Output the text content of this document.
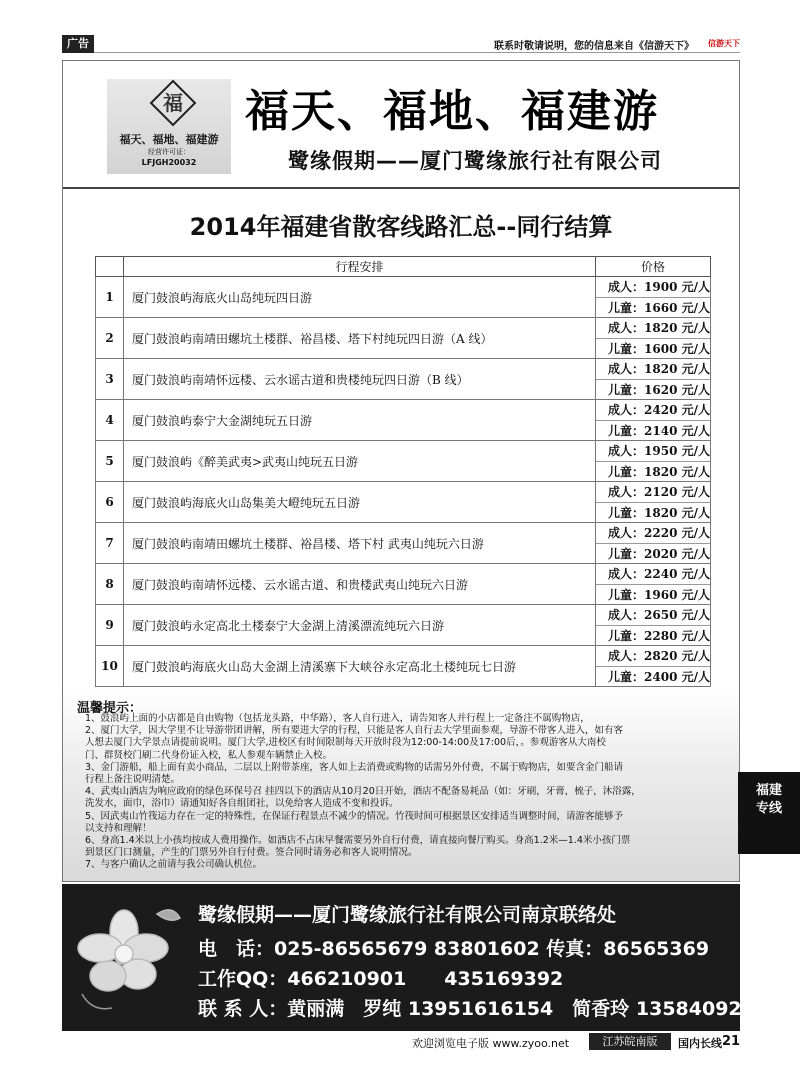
广告	联系时敬请说明，您的信息来自《信游天下》 信游天下
福
福天、福地、福建游
经营许可证：
LFJGH20032
福天、福地、福建游
鹭缘假期——厦门鹭缘旅行社有限公司
2014年福建省散客线路汇总--同行结算
	行程安排	价格
1	厦门鼓浪屿海底火山岛纯玩四日游	成人：1900 元/人
儿童：1660 元/人

2	厦门鼓浪屿南靖田螺坑土楼群、裕昌楼、塔下村纯玩四日游（A 线）	成人：1820 元/人
儿童：1600 元/人

3	厦门鼓浪屿南靖怀远楼、云水谣古道和贵楼纯玩四日游（B 线）	成人：1820 元/人
儿童：1620 元/人

4	厦门鼓浪屿泰宁大金湖纯玩五日游	成人：2420 元/人
儿童：2140 元/人

5	厦门鼓浪屿《醉美武夷>武夷山纯玩五日游	成人：1950 元/人
儿童：1820 元/人

6	厦门鼓浪屿海底火山岛集美大嶝纯玩五日游	成人：2120 元/人
儿童：1820 元/人

7	厦门鼓浪屿南靖田螺坑土楼群、裕昌楼、塔下村 武夷山纯玩六日游	成人：2220 元/人
儿童：2020 元/人

8	厦门鼓浪屿南靖怀远楼、云水谣古道、和贵楼武夷山纯玩六日游	成人：2240 元/人
儿童：1960 元/人

9	厦门鼓浪屿永定高北土楼泰宁大金湖上清溪漂流纯玩六日游	成人：2650 元/人
儿童：2280 元/人

10	厦门鼓浪屿海底火山岛大金湖上清溪寨下大峡谷永定高北土楼纯玩七日游	成人：2820 元/人
儿童：2400 元/人
温馨提示：
1、鼓浪屿上面的小店都是自由购物（包括龙头路，中华路），客人自行进入，请告知客人并行程上一定备注不属购物店，
2、厦门大学，因大学里不让导游带团讲解，所有要进大学的行程，只能是客人自行去大学里面参观，导游不带客人进入，如有客
人想去厦门大学景点请提前说明。厦门大学,进校区有时间限制每天开放时段为12:00-14:00及17:00后，。参观游客从大南校
门、群贤校门刷二代身份证入校，私人参观车辆禁止入校。
3、金门游船，船上面有卖小商品，二层以上附带茶座，客人如上去消费或购物的话需另外付费，不属于购物店，如要含金门船请
行程上备注说明清楚。
4、武夷山酒店为响应政府的绿色环保号召 挂四以下的酒店从10月20日开始，酒店不配备易耗品（如：牙刷，牙膏，梳子，沐浴露，
洗发水，面巾，浴巾）请通知好各自组团社，以免给客人造成不变和投诉。
5、因武夷山竹筏运力存在一定的特殊性，在保证行程景点不减少的情况。竹筏时间可根据景区安排适当调整时间，请游客能够予
以支持和理解！
6、身高1.4米以上小孩均按成人费用操作。如酒店不占床早餐需要另外自行付费，请直接向餐厅购买。身高1.2米—1.4米小孩门票
到景区门口测量，产生的门票另外自行付费。签合同时请务必和客人说明情况。
7、与客户确认之前请与我公司确认机位。
福建
专线
鹭缘假期——厦门鹭缘旅行社有限公司南京联络处
电　话：025-86565679 83801602 传真：86565369
工作QQ：466210901　　435169392
联 系 人：黄丽满　罗纯 13951616154　简香玲 13584092511
欢迎浏览电子版 www.zyoo.net	江苏皖南版	国内长线 21
